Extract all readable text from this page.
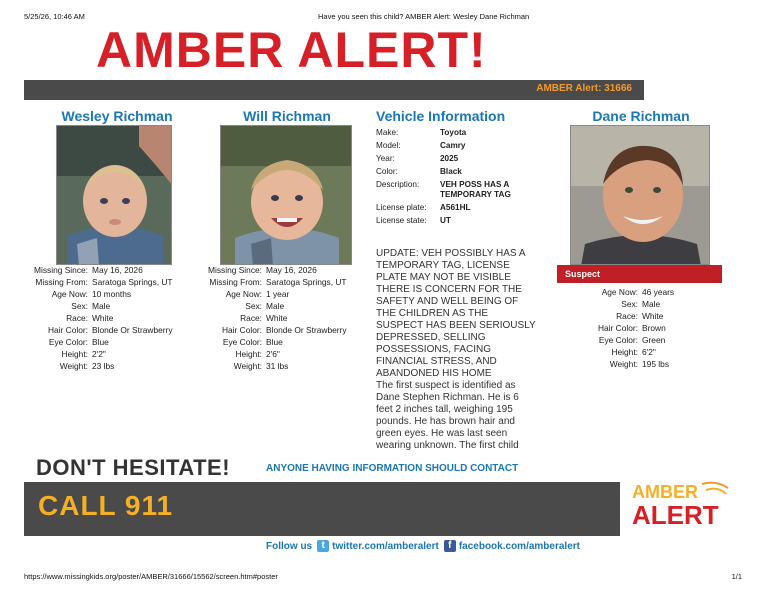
5/25/26, 10:46 AM	Have you seen this child? AMBER Alert: Wesley Dane Richman
AMBER ALERT!
AMBER Alert: 31666
Wesley Richman
Missing Since: May 16, 2026
Missing From: Saratoga Springs, UT
Age Now: 10 months
Sex: Male
Race: White
Hair Color: Blonde Or Strawberry
Eye Color: Blue
Height: 2'2"
Weight: 23 lbs
Will Richman
Missing Since: May 16, 2026
Missing From: Saratoga Springs, UT
Age Now: 1 year
Sex: Male
Race: White
Hair Color: Blonde Or Strawberry
Eye Color: Blue
Height: 2'6"
Weight: 31 lbs
Vehicle Information
Make:	Toyota
Model:	Camry
Year:	2025
Color:	Black
Description:	VEH POSS HAS A TEMPORARY TAG
License plate:	A561HL
License state:	UT
UPDATE: VEH POSSIBLY HAS A TEMPORARY TAG, LICENSE PLATE MAY NOT BE VISIBLE THERE IS CONCERN FOR THE SAFETY AND WELL BEING OF THE CHILDREN AS THE SUSPECT HAS BEEN SERIOUSLY DEPRESSED, SELLING POSSESSIONS, FACING FINANCIAL STRESS, AND ABANDONED HIS HOME
The first suspect is identified as Dane Stephen Richman. He is 6 feet 2 inches tall, weighing 195 pounds. He has brown hair and green eyes. He was last seen wearing unknown. The first child
Dane Richman
Suspect
Age Now: 46 years
Sex: Male
Race: White
Hair Color: Brown
Eye Color: Green
Height: 6'2"
Weight: 195 lbs
DON'T HESITATE!	ANYONE HAVING INFORMATION SHOULD CONTACT
CALL 911	AMBER
ALERT
Follow us t twitter.com/amberalert f facebook.com/amberalert
https://www.missingkids.org/poster/AMBER/31666/15562/screen.htm#poster	1/1
